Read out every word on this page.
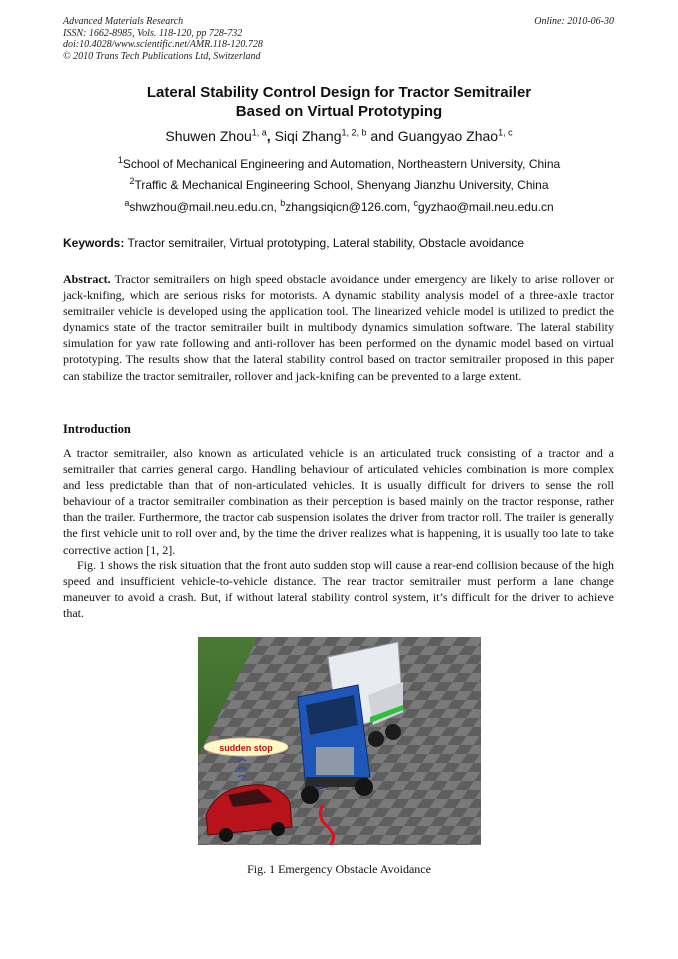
Advanced Materials Research
ISSN: 1662-8985, Vols. 118-120, pp 728-732
doi:10.4028/www.scientific.net/AMR.118-120.728
© 2010 Trans Tech Publications Ltd, Switzerland
Online: 2010-06-30
Lateral Stability Control Design for Tractor Semitrailer
Based on Virtual Prototyping
Shuwen Zhou$^{1, a}$, Siqi Zhang$^{1, 2, b}$ and Guangyao Zhao$^{1, c}$
$^1$School of Mechanical Engineering and Automation, Northeastern University, China
$^2$Traffic & Mechanical Engineering School, Shenyang Jianzhu University, China
$^a$shwzhou@mail.neu.edu.cn, $^b$zhangsiqicn@126.com, $^c$gyzhao@mail.neu.edu.cn
Keywords: Tractor semitrailer, Virtual prototyping, Lateral stability, Obstacle avoidance
Abstract. Tractor semitrailers on high speed obstacle avoidance under emergency are likely to arise rollover or jack-knifing, which are serious risks for motorists. A dynamic stability analysis model of a three-axle tractor semitrailer vehicle is developed using the application tool. The linearized vehicle model is utilized to predict the dynamics state of the tractor semitrailer built in multibody dynamics simulation software. The lateral stability simulation for yaw rate following and anti-rollover has been performed on the dynamic model based on virtual prototyping. The results show that the lateral stability control based on tractor semitrailer proposed in this paper can stabilize the tractor semitrailer, rollover and jack-knifing can be prevented to a large extent.
Introduction
A tractor semitrailer, also known as articulated vehicle is an articulated truck consisting of a tractor and a semitrailer that carries general cargo. Handling behaviour of articulated vehicles combination is more complex and less predictable than that of non-articulated vehicles. It is usually difficult for drivers to sense the roll behaviour of a tractor semitrailer combination as their perception is based mainly on the tractor response, rather than the trailer. Furthermore, the tractor cab suspension isolates the driver from tractor roll. The trailer is generally the first vehicle unit to roll over and, by the time the driver realizes what is happening, it is usually too late to take corrective action [1, 2].
Fig. 1 shows the risk situation that the front auto sudden stop will cause a rear-end collision because of the high speed and insufficient vehicle-to-vehicle distance. The rear tractor semitrailer must perform a lane change maneuver to avoid a crash. But, if without lateral stability control system, it’s difficult for the driver to achieve that.
sudden stop
Fig. 1 Emergency Obstacle Avoidance
